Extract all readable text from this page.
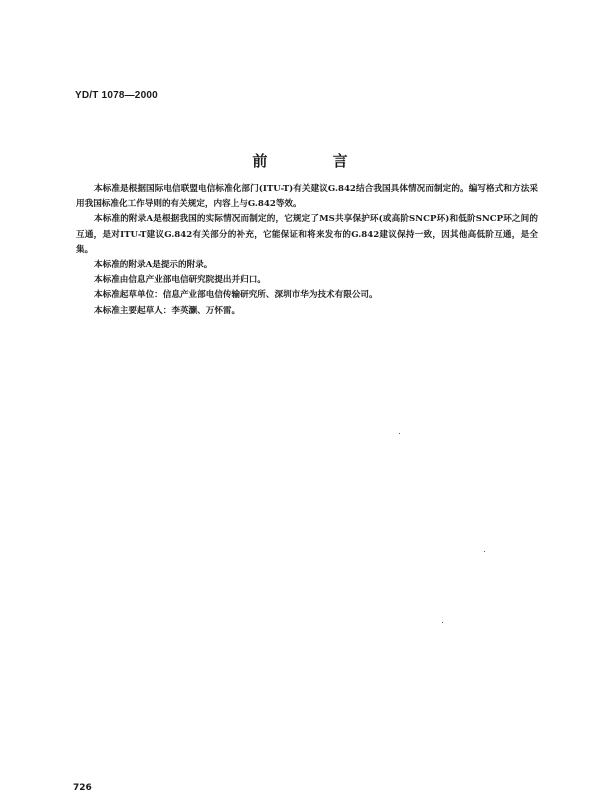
YD/T 1078—2000
前 言

本标准是根据国际电信联盟电信标准化部门(ITU-T)有关建议G.842结合我国具体情况而制定的。编写格式和方法采用我国标准化工作导则的有关规定，内容上与G.842等效。

本标准的附录A是根据我国的实际情况而制定的，它规定了MS共享保护环(或高阶SNCP环)和低阶SNCP环之间的互通，是对ITU-T建议G.842有关部分的补充，它能保证和将来发布的G.842建议保持一致，因其他高低阶互通，是全集。

本标准的附录A是提示的附录。

本标准由信息产业部电信研究院提出并归口。

本标准起草单位：信息产业部电信传输研究所、深圳市华为技术有限公司。

本标准主要起草人：李英灏、万怀雷。

726
